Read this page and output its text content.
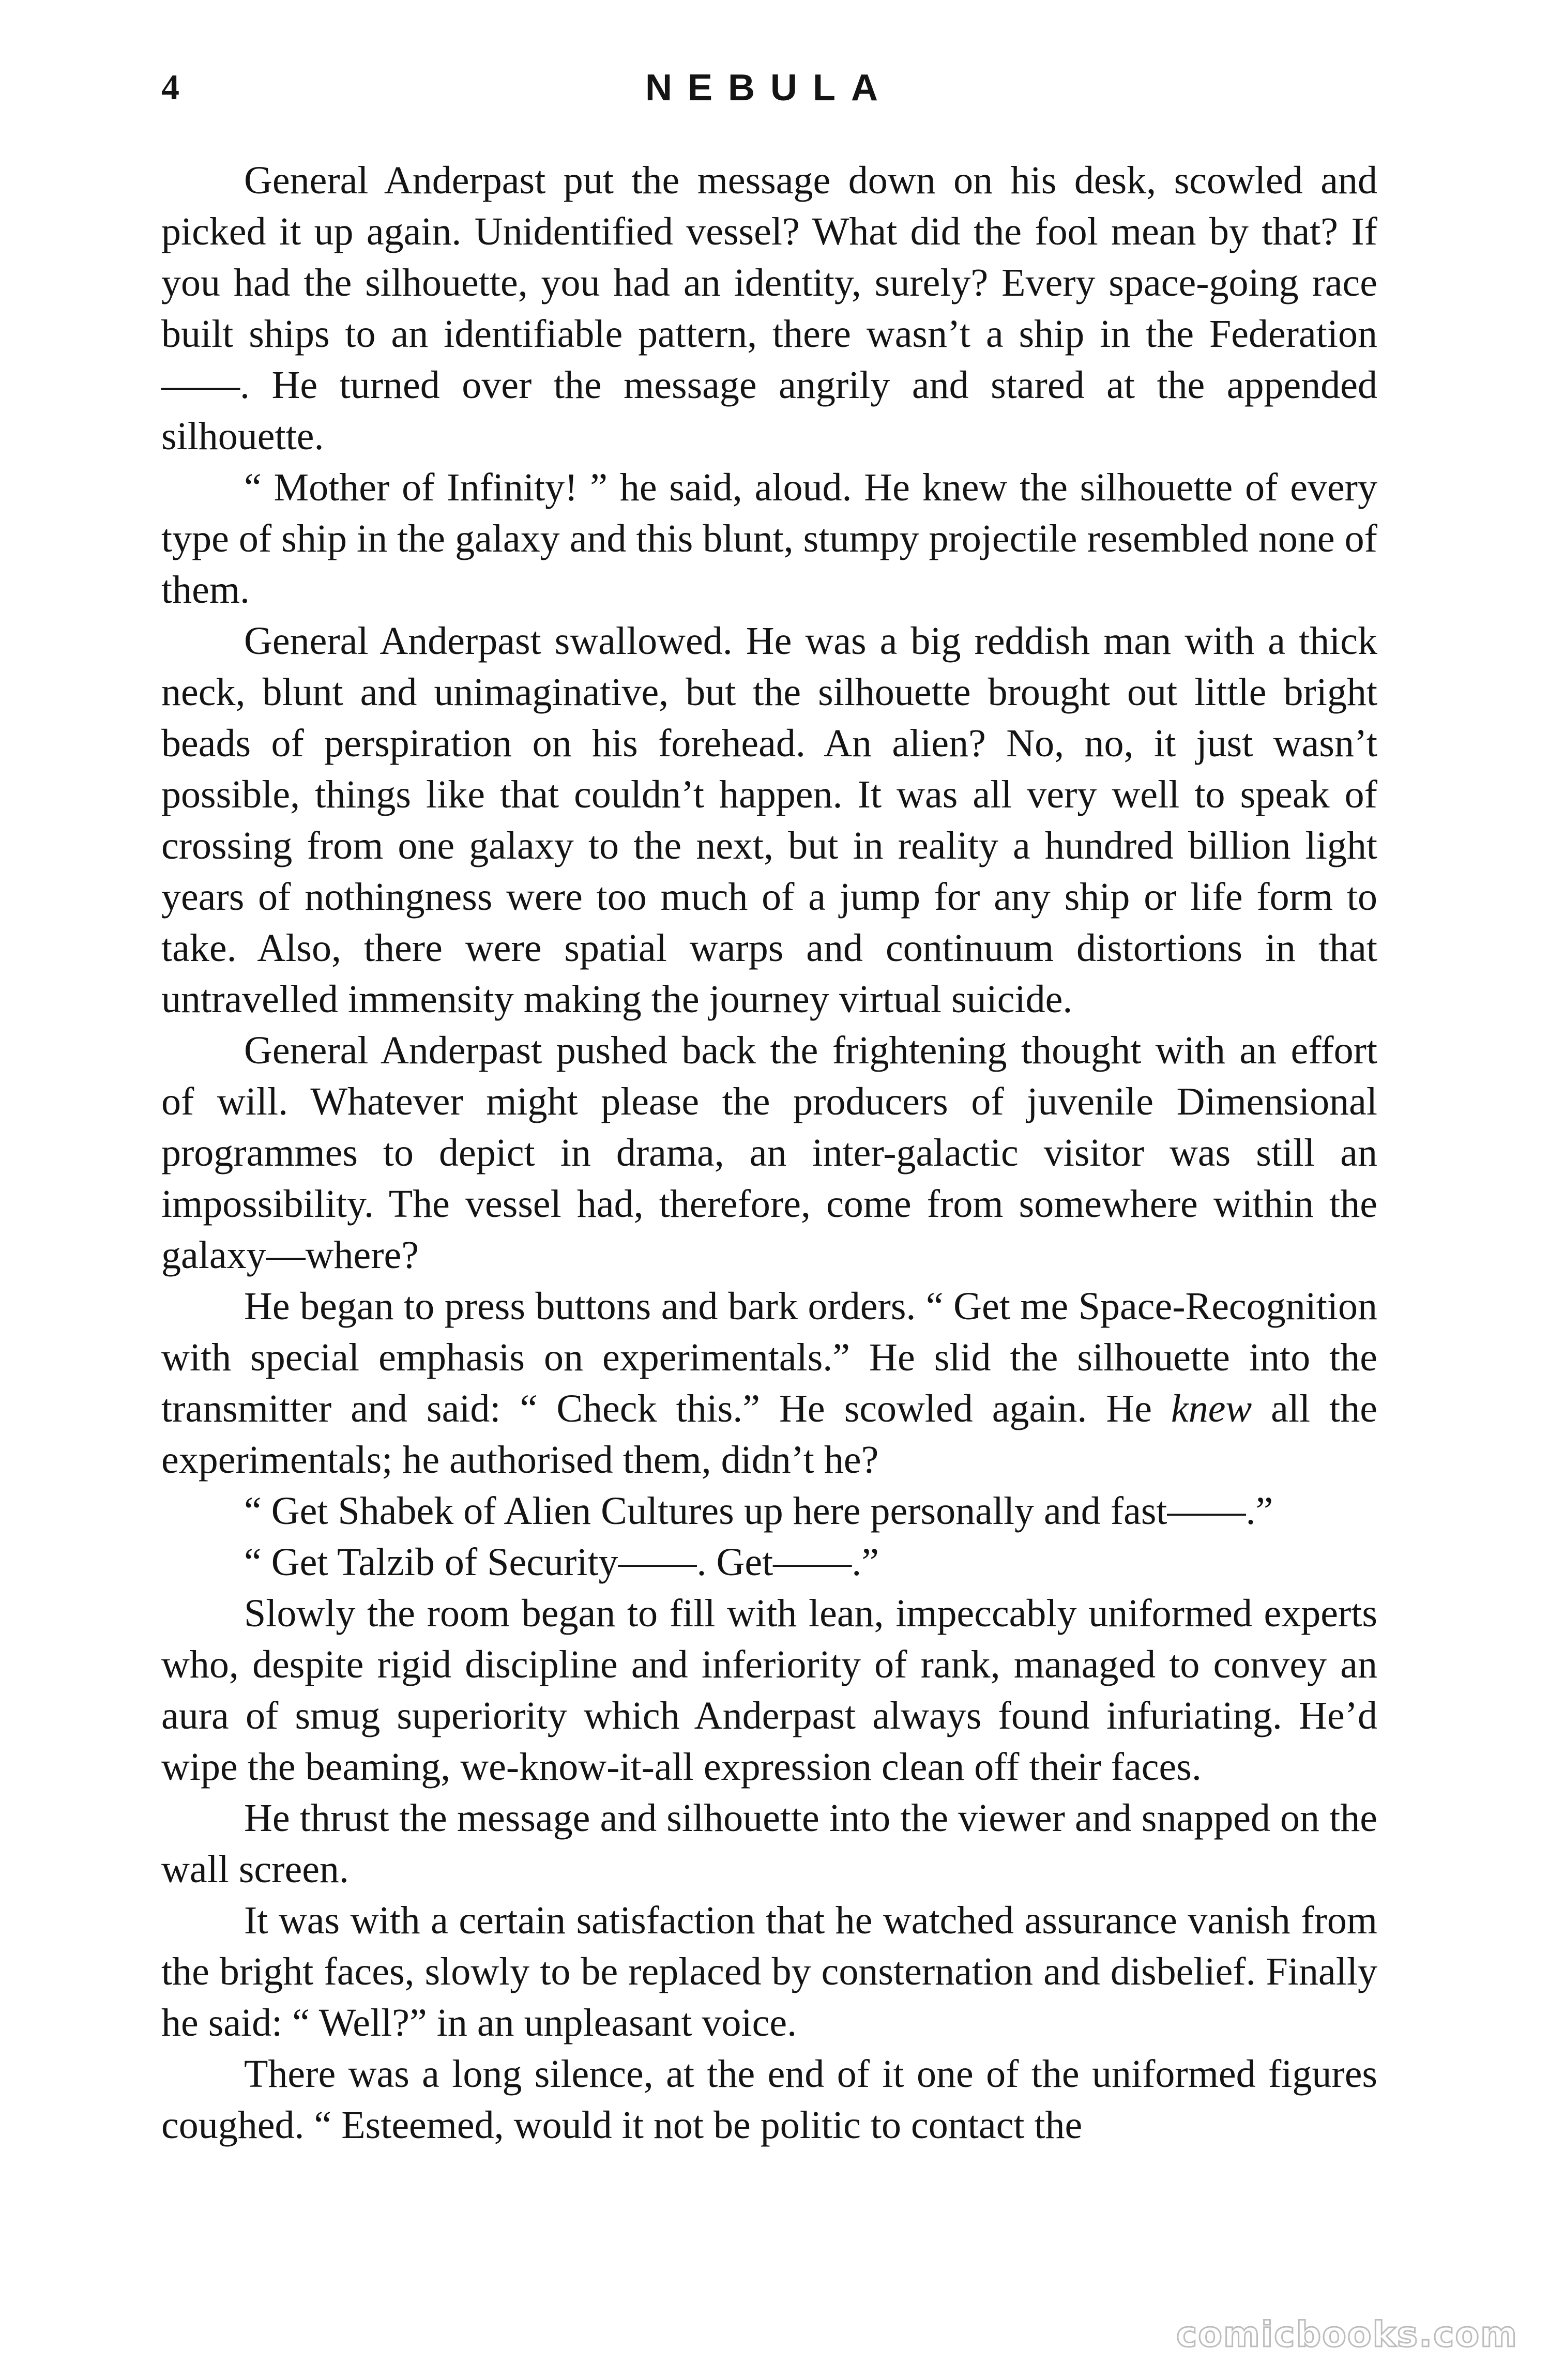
4	NEBULA

General Anderpast put the message down on his desk, scowled and picked it up again. Unidentified vessel? What did the fool mean by that? If you had the silhouette, you had an identity, surely? Every space-going race built ships to an identifiable pattern, there wasn’t a ship in the Federation——. He turned over the message angrily and stared at the appended silhouette.

“ Mother of Infinity! ” he said, aloud. He knew the silhouette of every type of ship in the galaxy and this blunt, stumpy projectile resembled none of them.

General Anderpast swallowed. He was a big reddish man with a thick neck, blunt and unimaginative, but the silhouette brought out little bright beads of perspiration on his forehead. An alien? No, no, it just wasn’t possible, things like that couldn’t happen. It was all very well to speak of crossing from one galaxy to the next, but in reality a hundred billion light years of nothingness were too much of a jump for any ship or life form to take. Also, there were spatial warps and continuum distortions in that untravelled immensity making the journey virtual suicide.

General Anderpast pushed back the frightening thought with an effort of will. Whatever might please the producers of juvenile Dimensional programmes to depict in drama, an inter-galactic visitor was still an impossibility. The vessel had, therefore, come from somewhere within the galaxy—where?

He began to press buttons and bark orders. “ Get me Space-Recognition with special emphasis on experimentals.” He slid the silhouette into the transmitter and said: “ Check this.” He scowled again. He knew all the experimentals; he authorised them, didn’t he?

“ Get Shabek of Alien Cultures up here personally and fast——.”

“ Get Talzib of Security——. Get——.”

Slowly the room began to fill with lean, impeccably uniformed experts who, despite rigid discipline and inferiority of rank, managed to convey an aura of smug superiority which Anderpast always found infuriating. He’d wipe the beaming, we-know-it-all expression clean off their faces.

He thrust the message and silhouette into the viewer and snapped on the wall screen.

It was with a certain satisfaction that he watched assurance vanish from the bright faces, slowly to be replaced by consternation and disbelief. Finally he said: “ Well?” in an unpleasant voice.

There was a long silence, at the end of it one of the uniformed figures coughed. “ Esteemed, would it not be politic to contact the

comicbooks.com
